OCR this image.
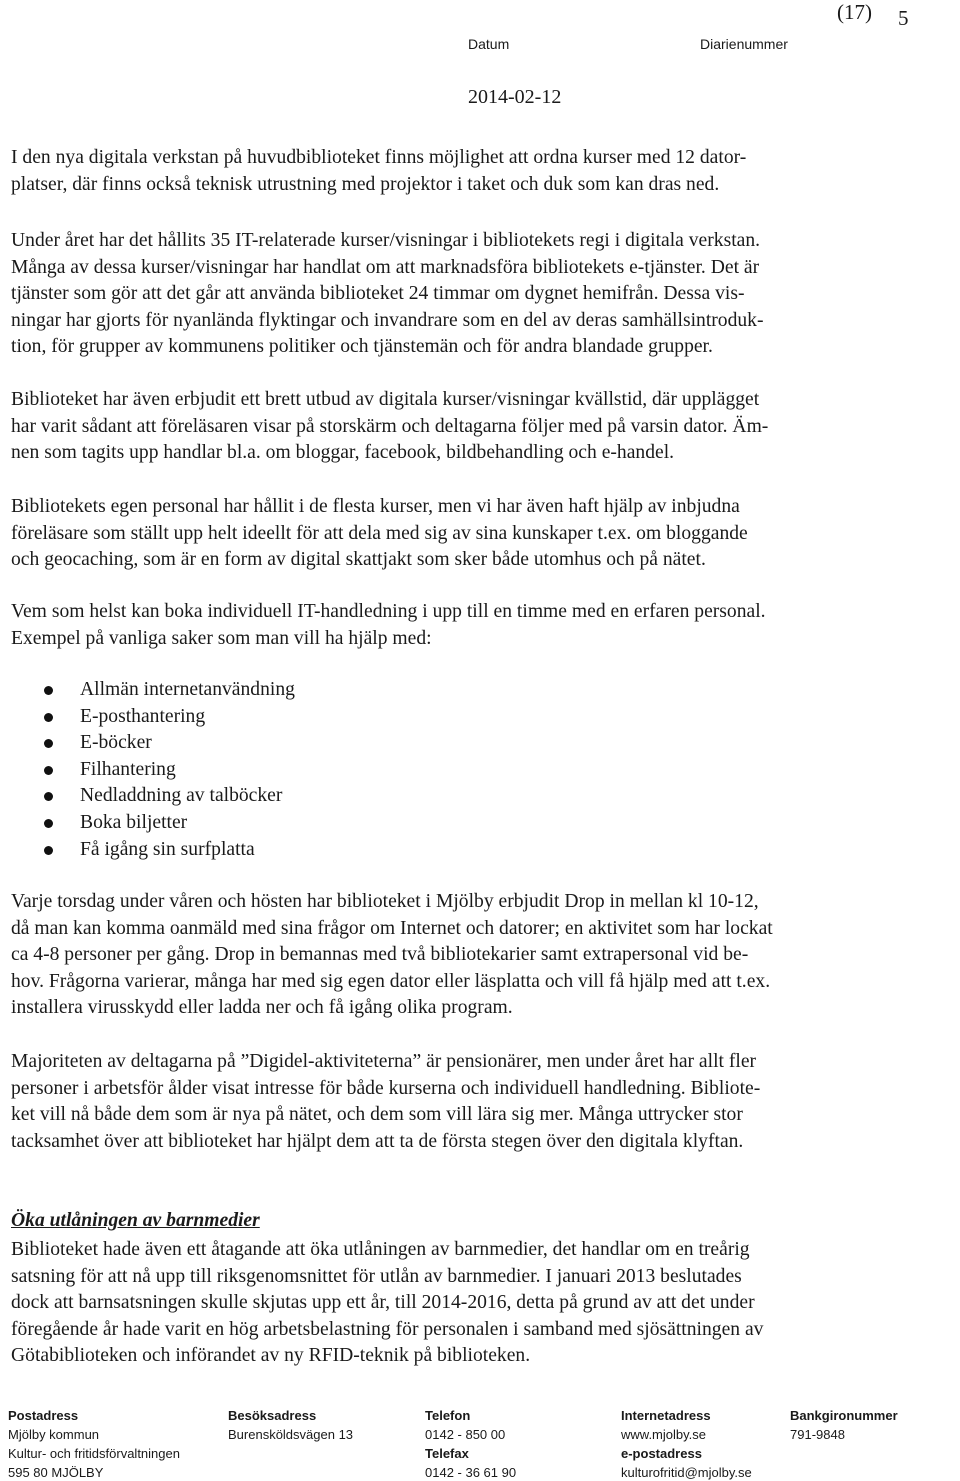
(17) 5
Datum	Diarienummer
2014-02-12
I den nya digitala verkstan på huvudbiblioteket finns möjlighet att ordna kurser med 12 dator-
platser, där finns också teknisk utrustning med projektor i taket och duk som kan dras ned.
Under året har det hållits 35 IT-relaterade kurser/visningar i bibliotekets regi i digitala verkstan.
Många av dessa kurser/visningar har handlat om att marknadsföra bibliotekets e-tjänster. Det är
tjänster som gör att det går att använda biblioteket 24 timmar om dygnet hemifrån. Dessa vis-
ningar har gjorts för nyanlända flyktingar och invandrare som en del av deras samhällsintroduk-
tion, för grupper av kommunens politiker och tjänstemän och för andra blandade grupper.
Biblioteket har även erbjudit ett brett utbud av digitala kurser/visningar kvällstid, där upplägget
har varit sådant att föreläsaren visar på storskärm och deltagarna följer med på varsin dator. Äm-
nen som tagits upp handlar bl.a. om bloggar, facebook, bildbehandling och e-handel.
Bibliotekets egen personal har hållit i de flesta kurser, men vi har även haft hjälp av inbjudna
föreläsare som ställt upp helt ideellt för att dela med sig av sina kunskaper t.ex. om bloggande
och geocaching, som är en form av digital skattjakt som sker både utomhus och på nätet.
Vem som helst kan boka individuell IT-handledning i upp till en timme med en erfaren personal.
Exempel på vanliga saker som man vill ha hjälp med:
Allmän internetanvändning
E-posthantering
E-böcker
Filhantering
Nedladdning av talböcker
Boka biljetter
Få igång sin surfplatta
Varje torsdag under våren och hösten har biblioteket i Mjölby erbjudit Drop in mellan kl 10-12,
då man kan komma oanmäld med sina frågor om Internet och datorer; en aktivitet som har lockat
ca 4-8 personer per gång. Drop in bemannas med två bibliotekarier samt extrapersonal vid be-
hov. Frågorna varierar, många har med sig egen dator eller läsplatta och vill få hjälp med att t.ex.
installera virusskydd eller ladda ner och få igång olika program.
Majoriteten av deltagarna på ”Digidel-aktiviteterna” är pensionärer, men under året har allt fler
personer i arbetsför ålder visat intresse för både kurserna och individuell handledning. Bibliote-
ket vill nå både dem som är nya på nätet, och dem som vill lära sig mer. Många uttrycker stor
tacksamhet över att biblioteket har hjälpt dem att ta de första stegen över den digitala klyftan.
Öka utlåningen av barnmedier
Biblioteket hade även ett åtagande att öka utlåningen av barnmedier, det handlar om en treårig
satsning för att nå upp till riksgenomsnittet för utlån av barnmedier. I januari 2013 beslutades
dock att barnsatsningen skulle skjutas upp ett år, till 2014-2016, detta på grund av att det under
föregående år hade varit en hög arbetsbelastning för personalen i samband med sjösättningen av
Götabiblioteken och införandet av ny RFID-teknik på biblioteken.
Postadress
Mjölby kommun
Kultur- och fritidsförvaltningen
595 80 MJÖLBY
Besöksadress
Burensköldsvägen 13
Telefon
0142 - 850 00
Telefax
0142 - 36 61 90
Internetadress
www.mjolby.se
e-postadress
kulturofritid@mjolby.se
Bankgironummer
791-9848
